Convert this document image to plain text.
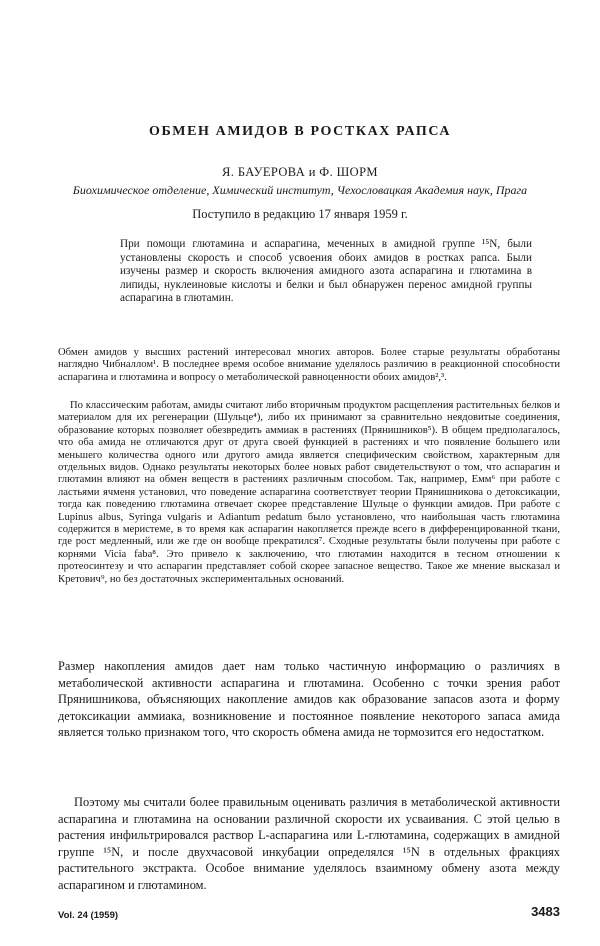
ОБМЕН АМИДОВ В РОСТКАХ РАПСА
Я. БАУЕРОВА и Ф. ШОРМ
Биохимическое отделение, Химический институт, Чехословацкая Академия наук, Прага
Поступило в редакцию 17 января 1959 г.
При помощи глютамина и аспарагина, меченных в амидной группе ¹⁵N, были установлены скорость и способ усвоения обоих амидов в ростках рапса. Были изучены размер и скорость включения амидного азота аспарагина и глютамина в липиды, нуклеиновые кислоты и белки и был обнаружен перенос амидной группы аспарагина в глютамин.
Обмен амидов у высших растений интересовал многих авторов. Более старые результаты обработаны наглядно Чибналлом¹. В последнее время особое внимание уделялось различию в реакционной способности аспарагина и глютамина и вопросу о метаболической равноценности обоих амидов²,³.
По классическим работам, амиды считают либо вторичным продуктом расщепления растительных белков и материалом для их регенерации (Шульце⁴), либо их принимают за сравнительно неядовитые соединения, образование которых позволяет обезвредить аммиак в растениях (Прянишников⁵). В общем предполагалось, что оба амида не отличаются друг от друга своей функцией в растениях и что появление большего или меньшего количества одного или другого амида является специфическим свойством, характерным для отдельных видов. Однако результаты некоторых более новых работ свидетельствуют о том, что аспарагин и глютамин влияют на обмен веществ в растениях различным способом. Так, например, Емм⁶ при работе с ластьями ячменя установил, что поведение аспарагина соответствует теории Прянишникова о детоксикации, тогда как поведению глютамина отвечает скорее представление Шульце о функции амидов. При работе с Lupinus albus, Syringa vulgaris и Adiantum pedatum было установлено, что наибольшая часть глютамина содержится в меристеме, в то время как аспарагин накопляется прежде всего в дифференцированной ткани, где рост медленный, или же где он вообще прекратился⁷. Сходные результаты были получены при работе с корнями Vicia faba⁸. Это привело к заключению, что глютамин находится в тесном отношении к протеосинтезу и что аспарагин представляет собой скорее запасное вещество. Такое же мнение высказал и Кретович⁹, но без достаточных экспериментальных оснований.
Размер накопления амидов дает нам только частичную информацию о различиях в метаболической активности аспарагина и глютамина. Особенно с точки зрения работ Прянишникова, объясняющих накопление амидов как образование запасов азота и форму детоксикации аммиака, возникновение и постоянное появление некоторого запаса амида является только признаком того, что скорость обмена амида не тормозится его недостатком.
Поэтому мы считали более правильным оценивать различия в метаболической активности аспарагина и глютамина на основании различной скорости их усваивания. С этой целью в растения инфильтрировался раствор L-аспарагина или L-глютамина, содержащих в амидной группе ¹⁵N, и после двухчасовой инкубации определялся ¹⁵N в отдельных фракциях растительного экстракта. Особое внимание уделялось взаимному обмену азота между аспарагином и глютамином.
Vol. 24 (1959)	3483
